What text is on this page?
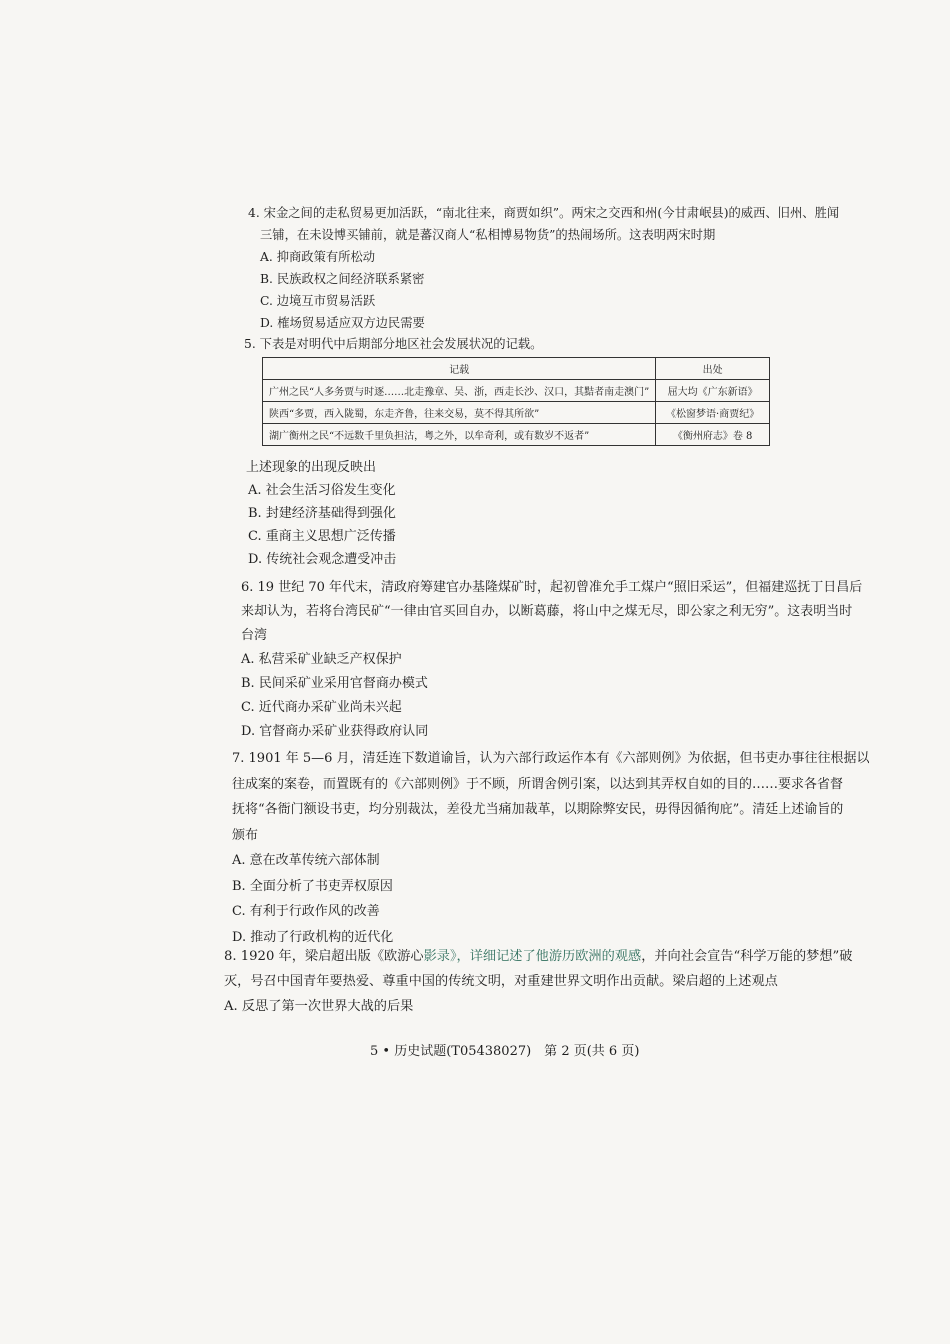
4. 宋金之间的走私贸易更加活跃，“南北往来，商贾如织”。两宋之交西和州(今甘肃岷县)的威西、旧州、胜闻

三铺，在未设博买铺前，就是蕃汉商人“私相博易物货”的热闹场所。这表明两宋时期

A. 抑商政策有所松动

B. 民族政权之间经济联系紧密

C. 边境互市贸易活跃

D. 榷场贸易适应双方边民需要

5. 下表是对明代中后期部分地区社会发展状况的记载。

记载	出处
广州之民“人多务贾与时逐……北走豫章、吴、浙，西走长沙、汉口，其黠者南走澳门”	屈大均《广东新语》
陕西“多贾，西入陇蜀，东走齐鲁，往来交易，莫不得其所欲”	《松窗梦语·商贾纪》
湖广衡州之民“不远数千里负担沽，粤之外，以牟奇利，或有数岁不返者”	《衡州府志》卷 8

上述现象的出现反映出

A. 社会生活习俗发生变化

B. 封建经济基础得到强化

C. 重商主义思想广泛传播

D. 传统社会观念遭受冲击

6. 19 世纪 70 年代末，清政府筹建官办基隆煤矿时，起初曾准允手工煤户“照旧采运”，但福建巡抚丁日昌后

来却认为，若将台湾民矿“一律由官买回自办，以断葛藤，将山中之煤无尽，即公家之利无穷”。这表明当时

台湾

A. 私营采矿业缺乏产权保护

B. 民间采矿业采用官督商办模式

C. 近代商办采矿业尚未兴起

D. 官督商办采矿业获得政府认同

7. 1901 年 5—6 月，清廷连下数道谕旨，认为六部行政运作本有《六部则例》为依据，但书吏办事往往根据以

往成案的案卷，而置既有的《六部则例》于不顾，所谓舍例引案，以达到其弄权自如的目的……要求各省督

抚将“各衙门额设书吏，均分别裁汰，差役尤当痛加裁革，以期除弊安民，毋得因循徇庇”。清廷上述谕旨的

颁布

A. 意在改革传统六部体制

B. 全面分析了书吏弄权原因

C. 有利于行政作风的改善

D. 推动了行政机构的近代化

8. 1920 年，梁启超出版《欧游心影录》，详细记述了他游历欧洲的观感，并向社会宣告“科学万能的梦想”破

灭，号召中国青年要热爱、尊重中国的传统文明，对重建世界文明作出贡献。梁启超的上述观点

A. 反思了第一次世界大战的后果

5 • 历史试题(T05438027)　第 2 页(共 6 页)
